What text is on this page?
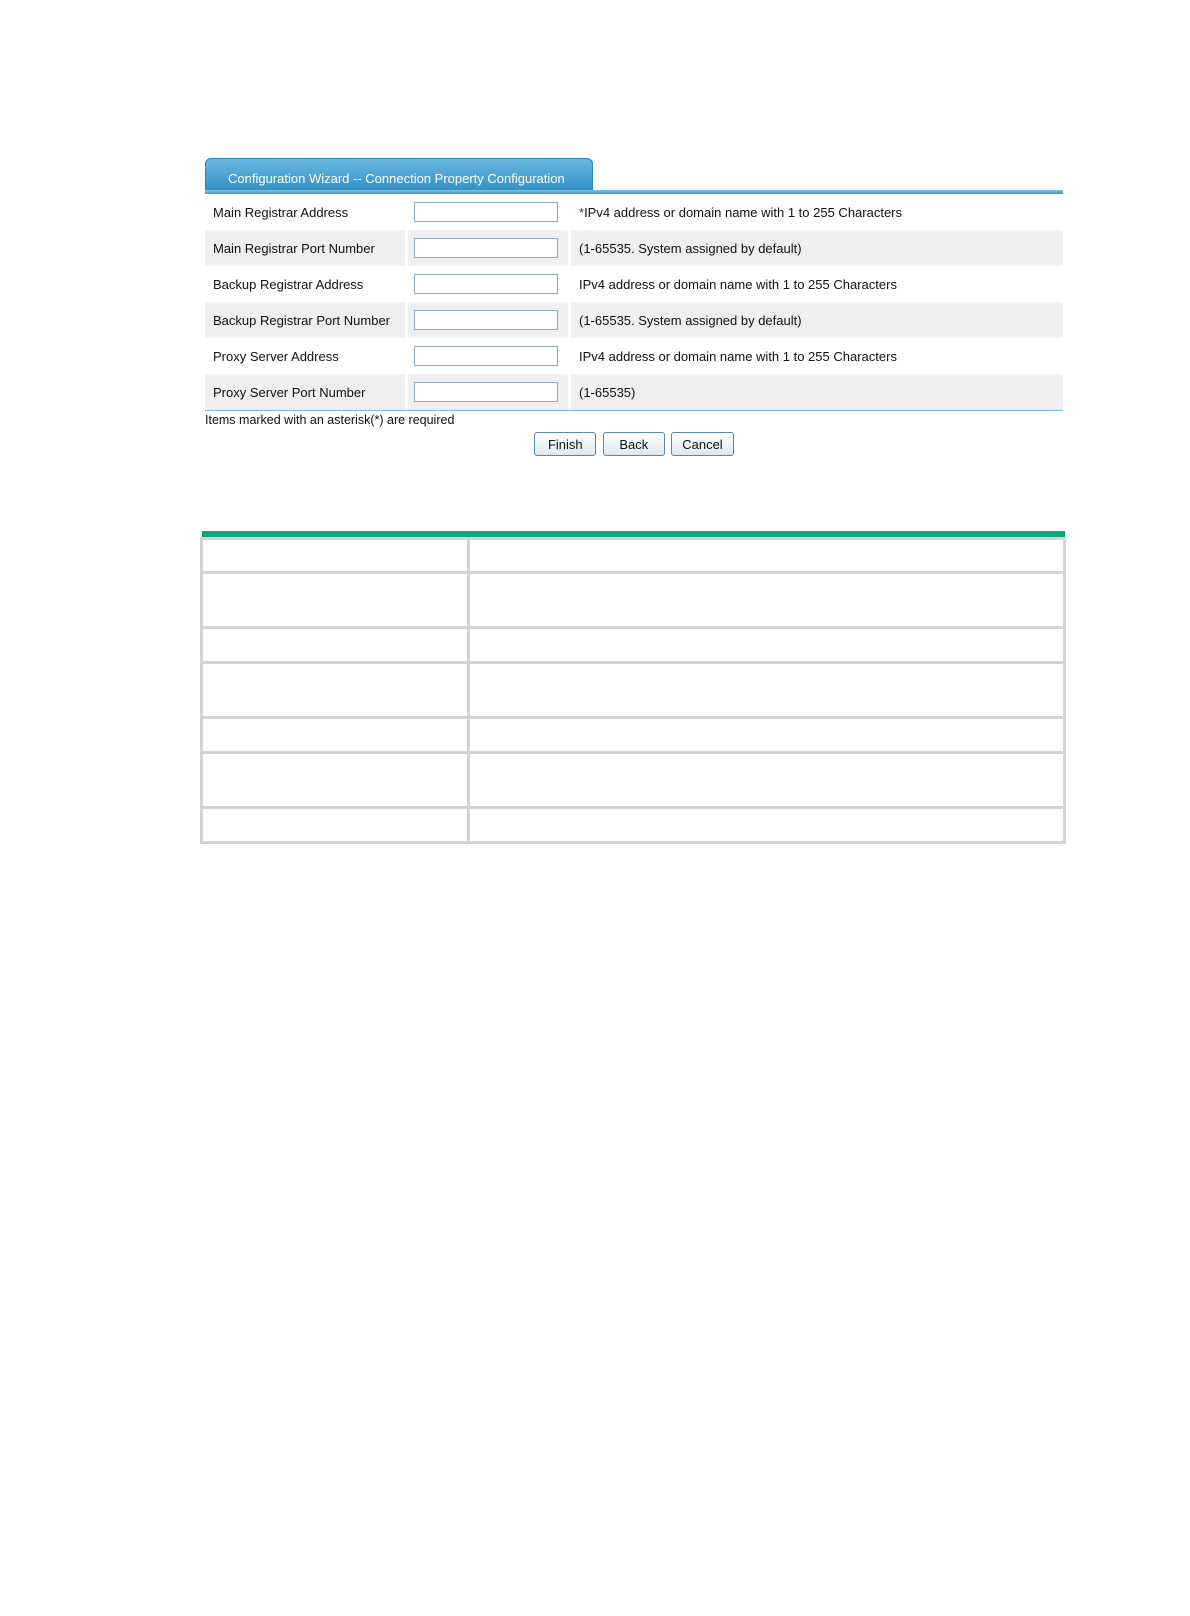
Configuration Wizard -- Connection Property Configuration
Main Registrar Address	* IPv4 address or domain name with 1 to 255 Characters
Main Registrar Port Number	(1-65535. System assigned by default)
Backup Registrar Address	IPv4 address or domain name with 1 to 255 Characters
Backup Registrar Port Number	(1-65535. System assigned by default)
Proxy Server Address	IPv4 address or domain name with 1 to 255 Characters
Proxy Server Port Number	(1-65535)
Items marked with an asterisk(*) are required
Finish	Back	Cancel
